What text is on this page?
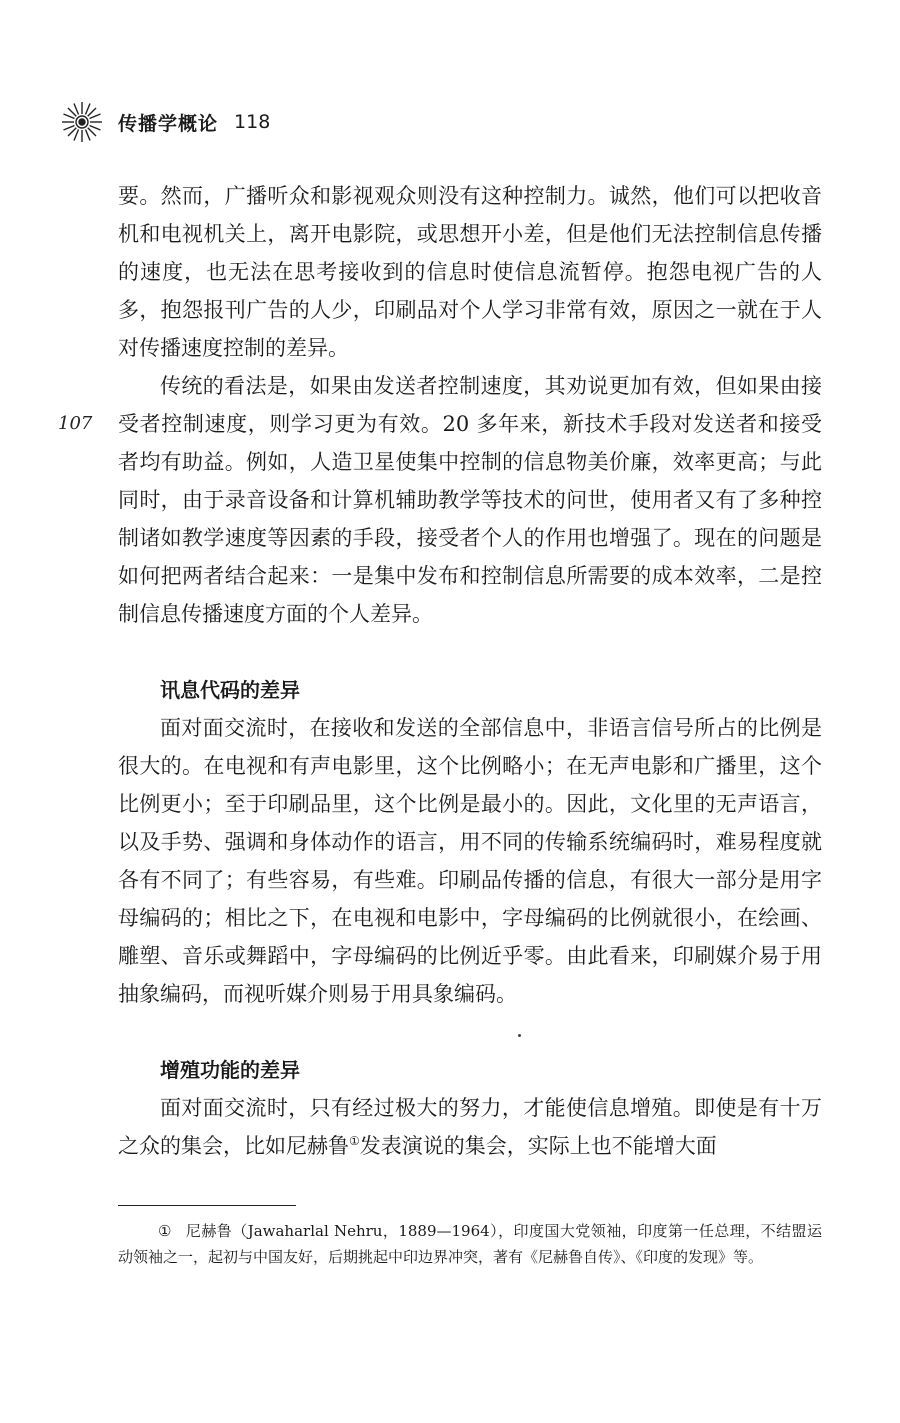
传播学概论 118
107

要。然而，广播听众和影视观众则没有这种控制力。诚然，他们可以把收音机和电视机关上，离开电影院，或思想开小差，但是他们无法控制信息传播的速度，也无法在思考接收到的信息时使信息流暂停。抱怨电视广告的人多，抱怨报刊广告的人少，印刷品对个人学习非常有效，原因之一就在于人对传播速度控制的差异。

传统的看法是，如果由发送者控制速度，其劝说更加有效，但如果由接受者控制速度，则学习更为有效。20 多年来，新技术手段对发送者和接受者均有助益。例如，人造卫星使集中控制的信息物美价廉，效率更高；与此同时，由于录音设备和计算机辅助教学等技术的问世，使用者又有了多种控制诸如教学速度等因素的手段，接受者个人的作用也增强了。现在的问题是如何把两者结合起来：一是集中发布和控制信息所需要的成本效率，二是控制信息传播速度方面的个人差异。

讯息代码的差异

面对面交流时，在接收和发送的全部信息中，非语言信号所占的比例是很大的。在电视和有声电影里，这个比例略小；在无声电影和广播里，这个比例更小；至于印刷品里，这个比例是最小的。因此，文化里的无声语言，以及手势、强调和身体动作的语言，用不同的传输系统编码时，难易程度就各有不同了；有些容易，有些难。印刷品传播的信息，有很大一部分是用字母编码的；相比之下，在电视和电影中，字母编码的比例就很小，在绘画、雕塑、音乐或舞蹈中，字母编码的比例近乎零。由此看来，印刷媒介易于用抽象编码，而视听媒介则易于用具象编码。

增殖功能的差异

面对面交流时，只有经过极大的努力，才能使信息增殖。即使是有十万之众的集会，比如尼赫鲁①发表演说的集会，实际上也不能增大面

① 尼赫鲁（Jawaharlal Nehru，1889—1964），印度国大党领袖，印度第一任总理，不结盟运动领袖之一，起初与中国友好，后期挑起中印边界冲突，著有《尼赫鲁自传》、《印度的发现》等。
